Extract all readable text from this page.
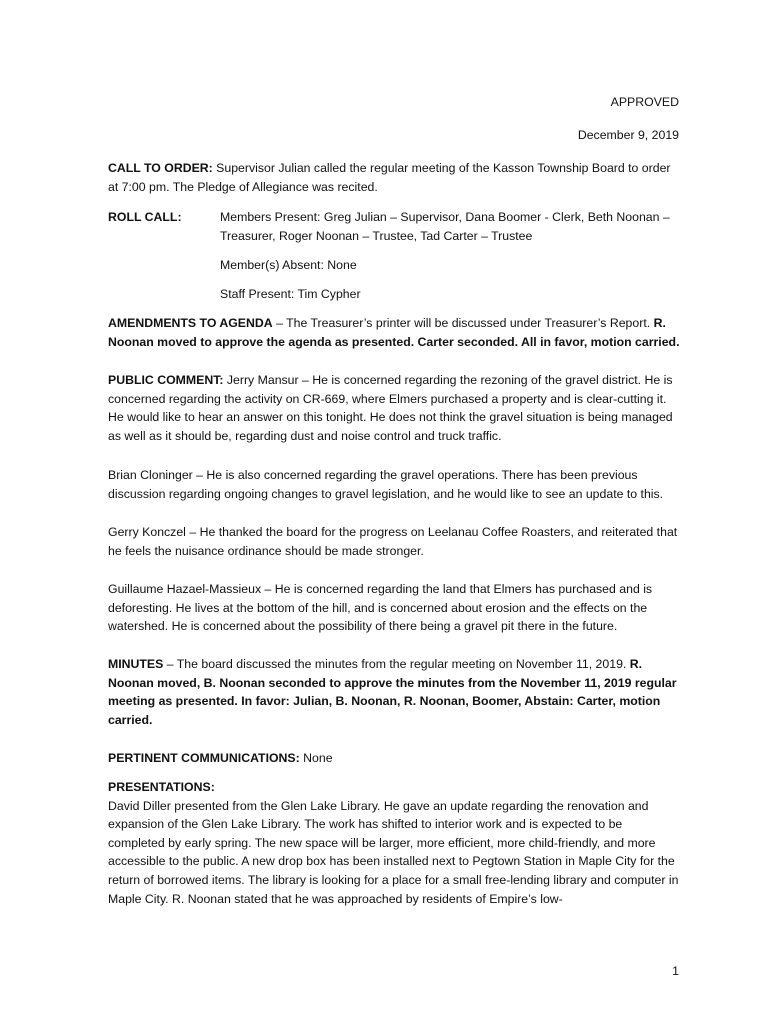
APPROVED
December 9, 2019
CALL TO ORDER: Supervisor Julian called the regular meeting of the Kasson Township Board to order at 7:00 pm. The Pledge of Allegiance was recited.
ROLL CALL:	Members Present: Greg Julian – Supervisor, Dana Boomer - Clerk, Beth Noonan – Treasurer, Roger Noonan – Trustee, Tad Carter – Trustee
Member(s) Absent: None
Staff Present: Tim Cypher
AMENDMENTS TO AGENDA – The Treasurer’s printer will be discussed under Treasurer’s Report. R. Noonan moved to approve the agenda as presented. Carter seconded. All in favor, motion carried.
PUBLIC COMMENT: Jerry Mansur – He is concerned regarding the rezoning of the gravel district. He is concerned regarding the activity on CR-669, where Elmers purchased a property and is clear-cutting it. He would like to hear an answer on this tonight. He does not think the gravel situation is being managed as well as it should be, regarding dust and noise control and truck traffic.
Brian Cloninger – He is also concerned regarding the gravel operations. There has been previous discussion regarding ongoing changes to gravel legislation, and he would like to see an update to this.
Gerry Konczel – He thanked the board for the progress on Leelanau Coffee Roasters, and reiterated that he feels the nuisance ordinance should be made stronger.
Guillaume Hazael-Massieux – He is concerned regarding the land that Elmers has purchased and is deforesting. He lives at the bottom of the hill, and is concerned about erosion and the effects on the watershed. He is concerned about the possibility of there being a gravel pit there in the future.
MINUTES – The board discussed the minutes from the regular meeting on November 11, 2019. R. Noonan moved, B. Noonan seconded to approve the minutes from the November 11, 2019 regular meeting as presented. In favor: Julian, B. Noonan, R. Noonan, Boomer, Abstain: Carter, motion carried.
PERTINENT COMMUNICATIONS: None
PRESENTATIONS:
David Diller presented from the Glen Lake Library. He gave an update regarding the renovation and expansion of the Glen Lake Library. The work has shifted to interior work and is expected to be completed by early spring. The new space will be larger, more efficient, more child-friendly, and more accessible to the public. A new drop box has been installed next to Pegtown Station in Maple City for the return of borrowed items. The library is looking for a place for a small free-lending library and computer in Maple City. R. Noonan stated that he was approached by residents of Empire’s low-
1
